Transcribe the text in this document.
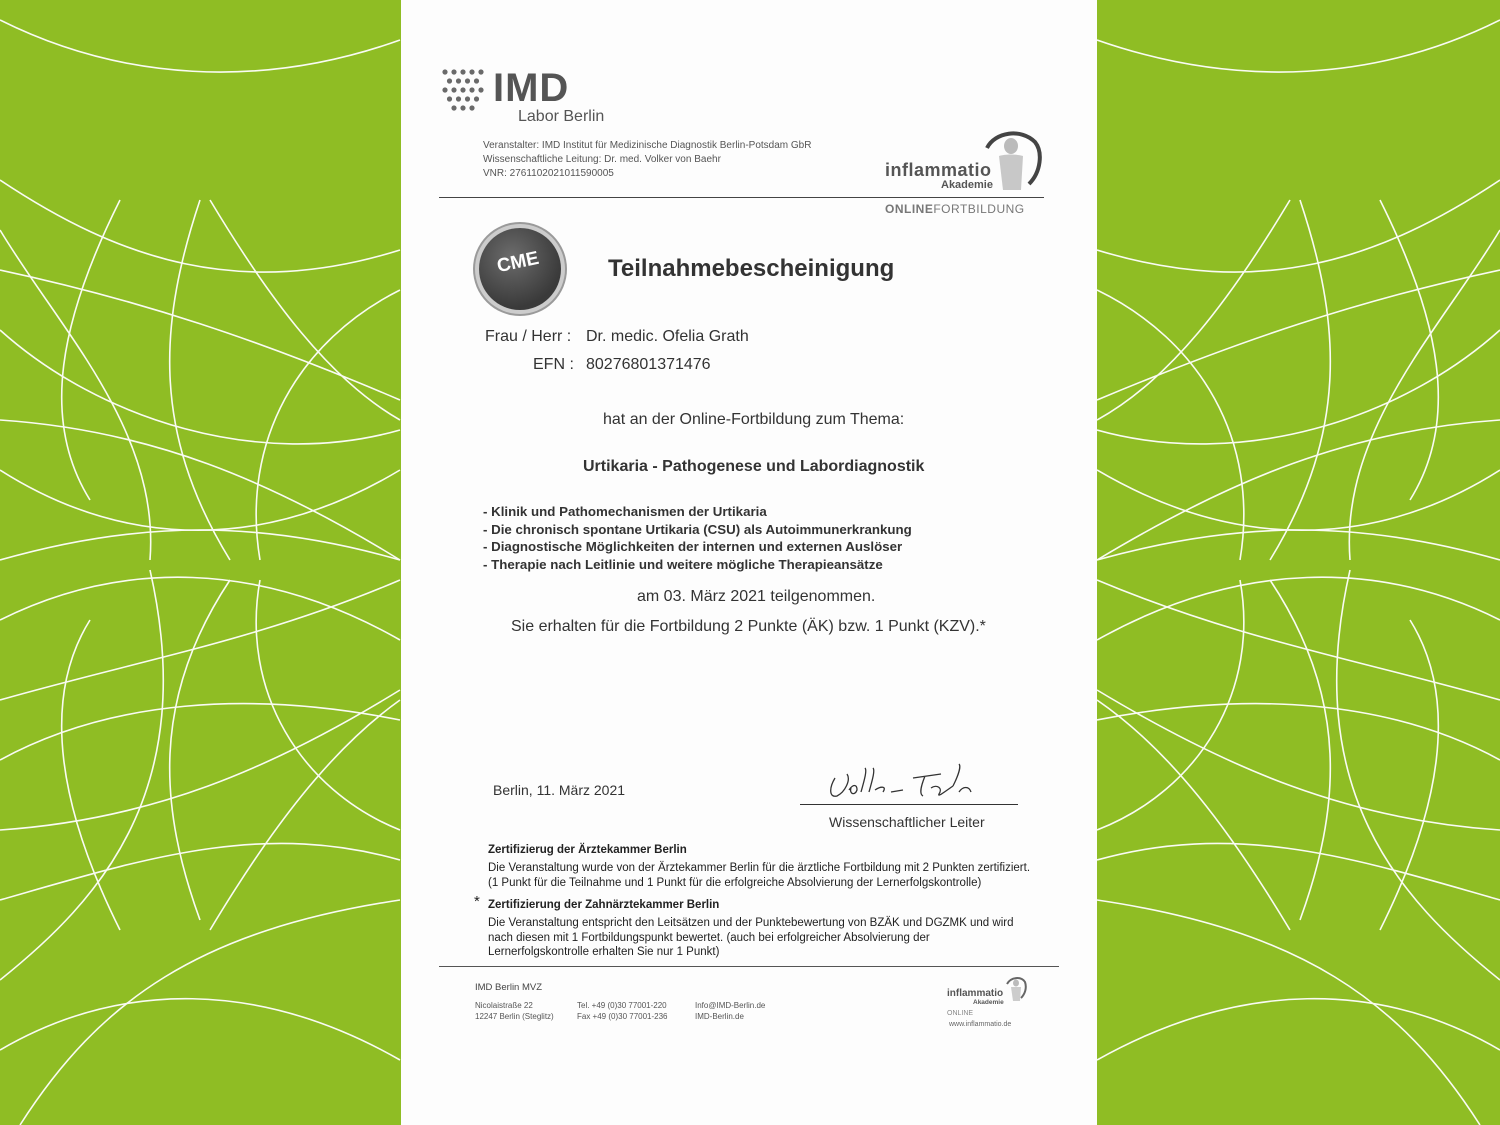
IMD
Labor Berlin
Veranstalter: IMD Institut für Medizinische Diagnostik Berlin-Potsdam GbR
Wissenschaftliche Leitung: Dr. med. Volker von Baehr
VNR: 2761102021011590005	inflammatio
Akademie
ONLINEFORTBILDUNG
CME	Teilnahmebescheinigung
Frau / Herr : Dr. medic. Ofelia Grath
EFN : 80276801371476
hat an der Online-Fortbildung zum Thema:
Urtikaria - Pathogenese und Labordiagnostik
- Klinik und Pathomechanismen der Urtikaria
- Die chronisch spontane Urtikaria (CSU) als Autoimmunerkrankung
- Diagnostische Möglichkeiten der internen und externen Auslöser
- Therapie nach Leitlinie und weitere mögliche Therapieansätze
am 03. März 2021 teilgenommen.
Sie erhalten für die Fortbildung 2 Punkte (ÄK) bzw. 1 Punkt (KZV).*
Berlin, 11. März 2021
Wissenschaftlicher Leiter
Zertifizierug der Ärztekammer Berlin
Die Veranstaltung wurde von der Ärztekammer Berlin für die ärztliche Fortbildung mit 2 Punkten zertifiziert.
(1 Punkt für die Teilnahme und 1 Punkt für die erfolgreiche Absolvierung der Lernerfolgskontrolle)
* Zertifizierung der Zahnärztekammer Berlin
Die Veranstaltung entspricht den Leitsätzen und der Punktebewertung von BZÄK und DGZMK und wird
nach diesen mit 1 Fortbildungspunkt bewertet. (auch bei erfolgreicher Absolvierung der
Lernerfolgskontrolle erhalten Sie nur 1 Punkt)
IMD Berlin MVZ
Nicolaistraße 22
12247 Berlin (Steglitz)
Tel. +49 (0)30 77001-220
Fax +49 (0)30 77001-236
Info@IMD-Berlin.de
IMD-Berlin.de
inflammatio
Akademie
ONLINE
www.inflammatio.de
